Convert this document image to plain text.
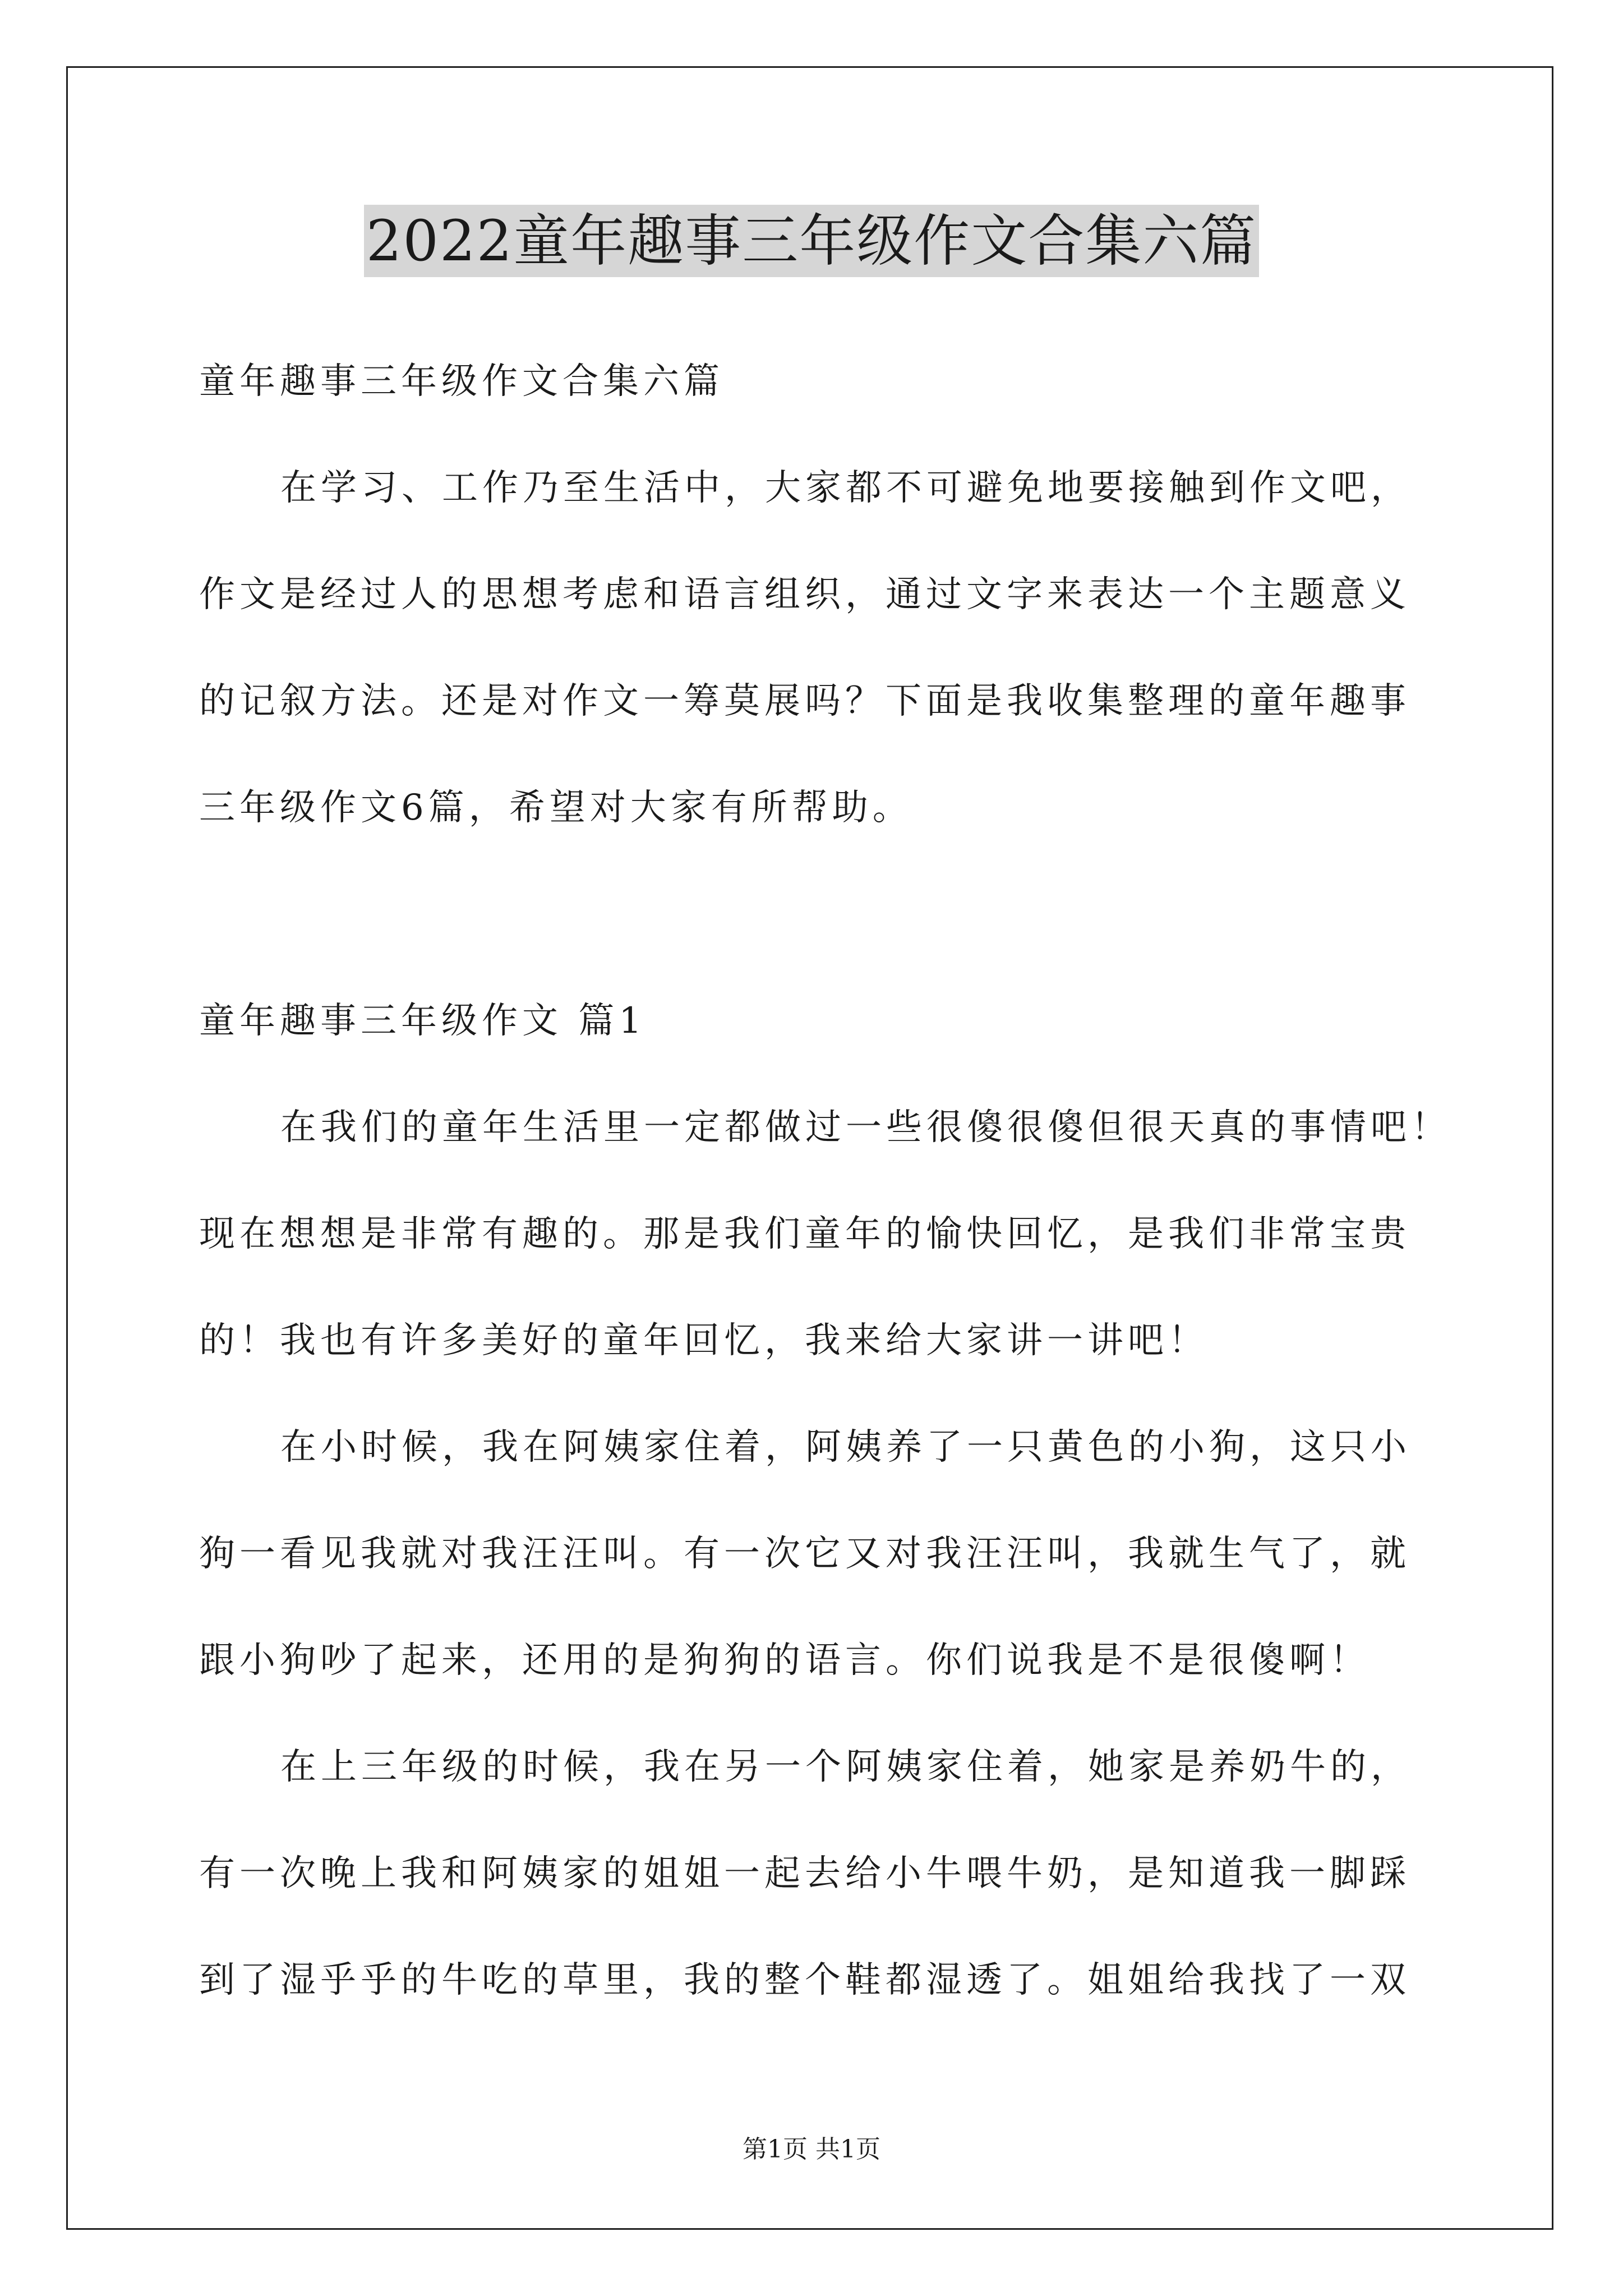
2022童年趣事三年级作文合集六篇
童年趣事三年级作文合集六篇
在学习、工作乃至生活中，大家都不可避免地要接触到作文吧，
作文是经过人的思想考虑和语言组织，通过文字来表达一个主题意义
的记叙方法。还是对作文一筹莫展吗？下面是我收集整理的童年趣事
三年级作文6篇，希望对大家有所帮助。
童年趣事三年级作文 篇1
在我们的童年生活里一定都做过一些很傻很傻但很天真的事情吧！
现在想想是非常有趣的。那是我们童年的愉快回忆，是我们非常宝贵
的！我也有许多美好的童年回忆，我来给大家讲一讲吧！
在小时候，我在阿姨家住着，阿姨养了一只黄色的小狗，这只小
狗一看见我就对我汪汪叫。有一次它又对我汪汪叫，我就生气了，就
跟小狗吵了起来，还用的是狗狗的语言。你们说我是不是很傻啊！
在上三年级的时候，我在另一个阿姨家住着，她家是养奶牛的，
有一次晚上我和阿姨家的姐姐一起去给小牛喂牛奶，是知道我一脚踩
到了湿乎乎的牛吃的草里，我的整个鞋都湿透了。姐姐给我找了一双
第1页 共1页
